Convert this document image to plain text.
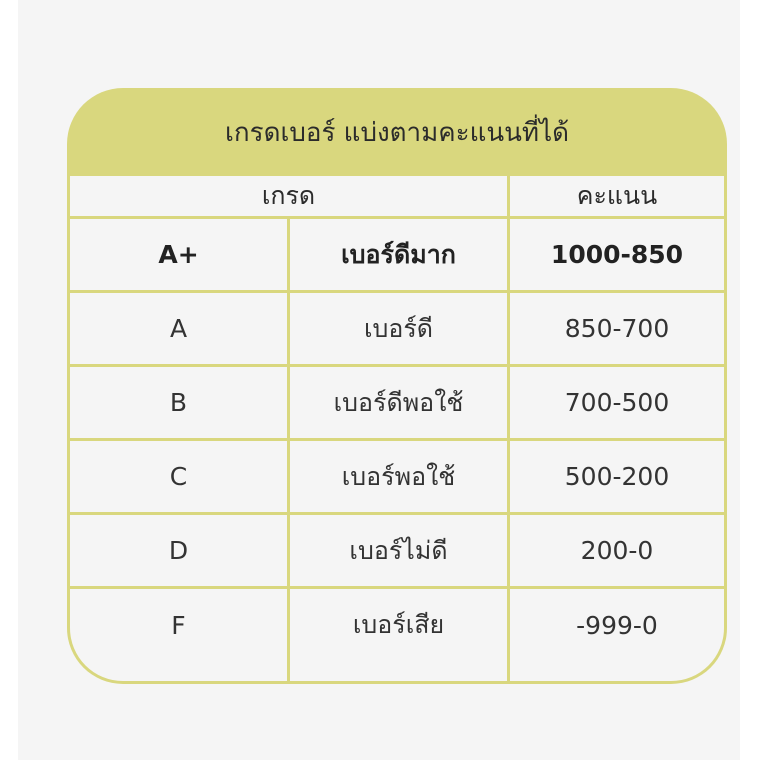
เกรดเบอร์ แบ่งตามคะแนนที่ได้
เกรด	คะแนน
A+	เบอร์ดีมาก	1000-850
A	เบอร์ดี	850-700
B	เบอร์ดีพอใช้	700-500
C	เบอร์พอใช้	500-200
D	เบอร์ไม่ดี	200-0
F	เบอร์เสีย	-999-0
